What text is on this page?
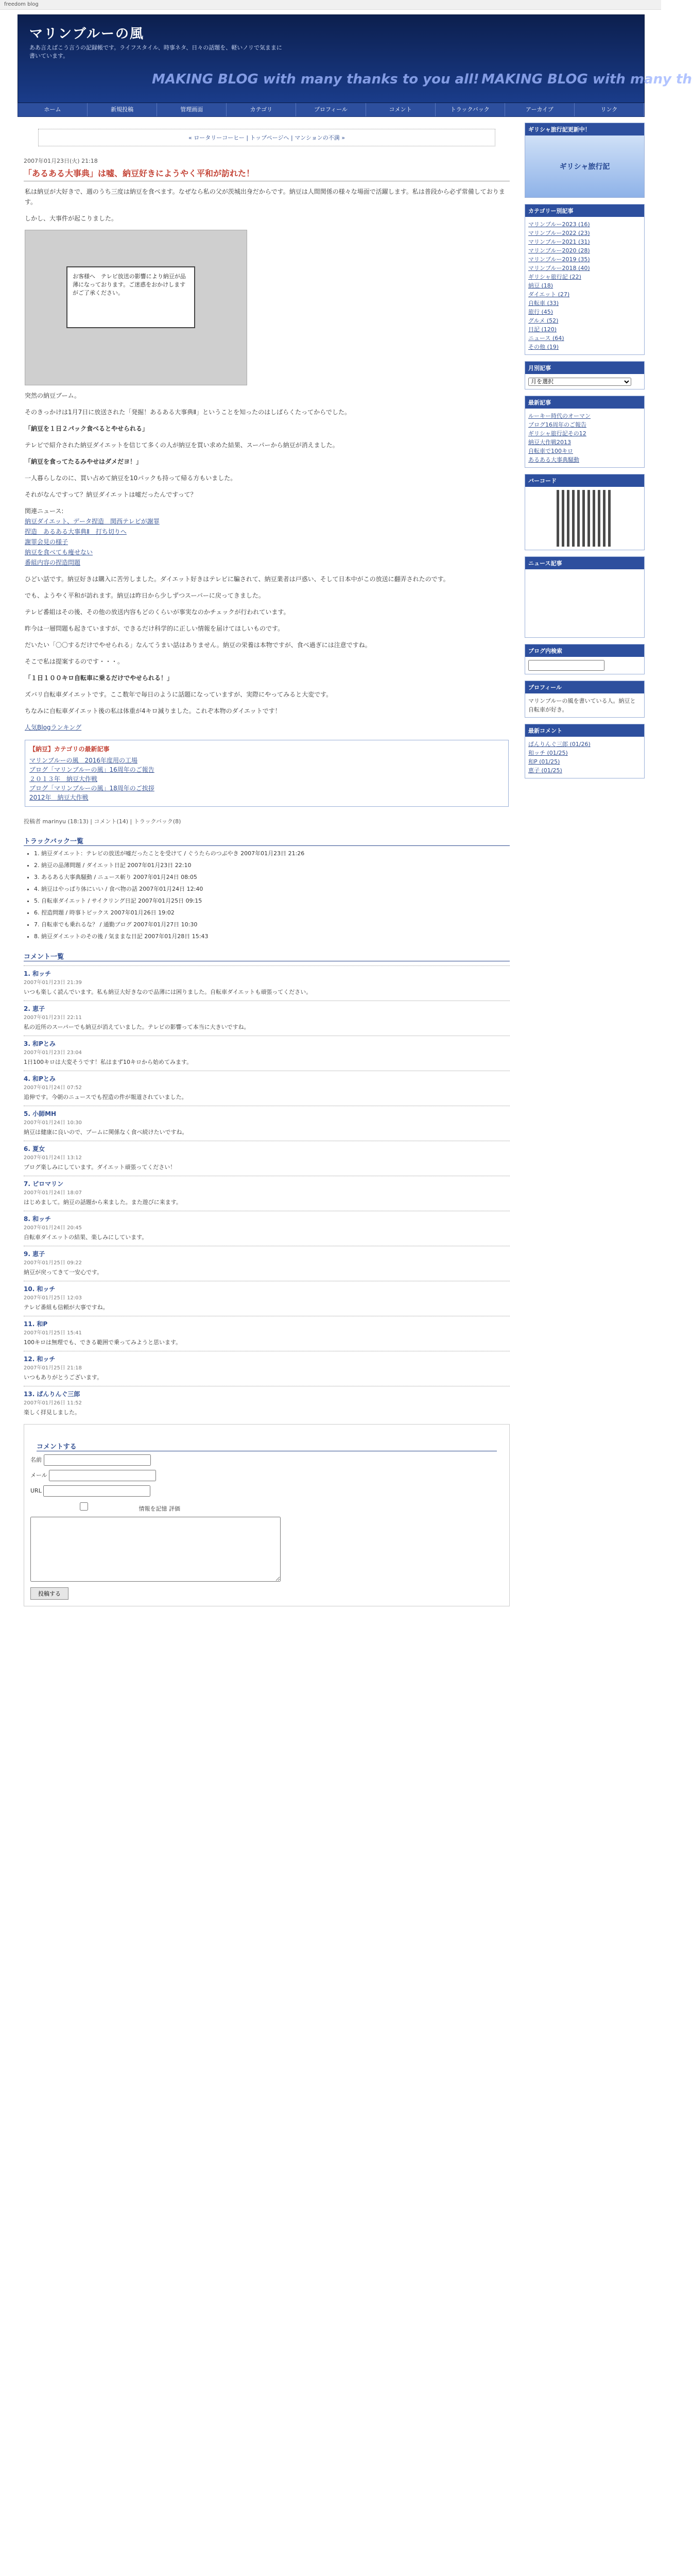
freedom blog
マリンブルーの風
ああ言えばこう言うの記録帳です。ライフスタイル、時事ネタ、日々の話題を、軽いノリで気ままに書いています。
MAKING BLOG with many thanks to you all! MAKING BLOG with many th
ホーム	新規投稿	管理画面	カテゴリ	プロフィール	コメント	トラックバック	アーカイブ	リンク
« ロータリーコーヒー | トップページへ | マンションの不満 »
2007年01月23日(火) 21:18
「あるある大事典」は嘘、納豆好きにようやく平和が訪れた！

私は納豆が大好きで、週のうち三度は納豆を食べます。なぜなら私の父が茨城出身だからです。納豆は人間関係の様々な場面で活躍します。私は普段から必ず常備しております。

しかし、大事件が起こりました。

お客様へ　テレビ放送の影響により納豆が品薄になっております。ご迷惑をおかけしますがご了承ください。

突然の納豆ブーム。

そのきっかけは1月7日に放送された「発掘！あるある大事典Ⅱ」ということを知ったのはしばらくたってからでした。

「納豆を１日２パック食べるとやせられる」

テレビで紹介された納豆ダイエットを信じて多くの人が納豆を買い求めた結果、スーパーから納豆が消えました。

「納豆を食ってたるみやせはダメだヨ！」

一人暮らしなのに、買い占めて納豆を10パックも持って帰る方もいました。

それがなんですって？納豆ダイエットは嘘だったんですって？

関連ニュース:
納豆ダイエット、データ捏造　関西テレビが謝罪
捏造　あるある大事典Ⅱ　打ち切りへ
謝罪会見の様子
納豆を食べても痩せない
番組内容の捏造問題

ひどい話です。納豆好きは購入に苦労しました。ダイエット好きはテレビに騙されて、納豆業者は戸惑い、そして日本中がこの放送に翻弄されたのです。

でも、ようやく平和が訪れます。納豆は昨日から少しずつスーパーに戻ってきました。

テレビ番組はその後、その他の放送内容もどのくらいが事実なのかチェックが行われています。

昨今は一層問題も起きていますが、できるだけ科学的に正しい情報を届けてほしいものです。

だいたい「〇〇するだけでやせられる」なんてうまい話はありません。納豆の栄養は本物ですが、食べ過ぎには注意ですね。

そこで私は提案するのです・・・。

「１日１００キロ自転車に乗るだけでやせられる！」

ズバリ自転車ダイエットです。ここ数年で毎日のように話題になっていますが、実際にやってみると大変です。

ちなみに自転車ダイエット後の私は体重が4キロ減りました。これぞ本物のダイエットです！

人気Blogランキング

【納豆】カテゴリの最新記事
マリンブルーの風　2016年度用の工場
ブログ「マリンブルーの風」16周年のご報告
２０１３年　納豆大作戦
ブログ「マリンブルーの風」18周年のご挨拶
2012年　納豆大作戦
投稿者 marinyu (18:13) | コメント(14) | トラックバック(8)
トラックバック一覧
• 1. 納豆ダイエット：テレビの放送が嘘だったことを受けて / ぐうたらのつぶやき 2007年01月23日 21:26
• 2. 納豆の品薄問題 / ダイエット日記 2007年01月23日 22:10
• 3. あるある大事典騒動 / ニュース斬り 2007年01月24日 08:05
• 4. 納豆はやっぱり体にいい / 食べ物の話 2007年01月24日 12:40
• 5. 自転車ダイエット / サイクリング日記 2007年01月25日 09:15
• 6. 捏造問題 / 時事トピックス 2007年01月26日 19:02
• 7. 自転車でも乗れるな？ / 通勤ブログ 2007年01月27日 10:30
• 8. 納豆ダイエットのその後 / 気ままな日記 2007年01月28日 15:43
コメント一覧
1. 和ッチ
2007年01月23日 21:39
いつも楽しく読んでいます。私も納豆大好きなので品薄には困りました。自転車ダイエットも頑張ってください。
2. 恵子
2007年01月23日 22:11
私の近所のスーパーでも納豆が消えていました。テレビの影響って本当に大きいですね。
3. 和Pとみ
2007年01月23日 23:04
1日100キロは大変そうです！私はまず10キロから始めてみます。
4. 和Pとみ
2007年01月24日 07:52
追伸です。今朝のニュースでも捏造の件が報道されていました。
5. 小師MH
2007年01月24日 10:30
納豆は健康に良いので、ブームに関係なく食べ続けたいですね。
6. 夏女
2007年01月24日 13:12
ブログ楽しみにしています。ダイエット頑張ってください！
7. ピロマリン
2007年01月24日 18:07
はじめまして。納豆の話題から来ました。また遊びに来ます。
8. 和ッチ
2007年01月24日 20:45
自転車ダイエットの結果、楽しみにしています。
9. 恵子
2007年01月25日 09:22
納豆が戻ってきて一安心です。
10. 和ッチ
2007年01月25日 12:03
テレビ番組も信頼が大事ですね。
11. 和P
2007年01月25日 15:41
100キロは無理でも、できる範囲で乗ってみようと思います。
12. 和ッチ
2007年01月25日 21:18
いつもありがとうございます。
13. ぱんりんぐ三郎
2007年01月26日 11:52
楽しく拝見しました。
コメントする
名前
メール
URL
情報を記憶 評価
投稿する
ギリシャ旅行記更新中！
ギリシャ旅行記
カテゴリー別記事
マリンブルー2023 (16)
マリンブルー2022 (23)
マリンブルー2021 (31)
マリンブルー2020 (28)
マリンブルー2019 (35)
マリンブルー2018 (40)
ギリシャ旅行記 (22)
納豆 (18)
ダイエット (27)
自転車 (33)
旅行 (45)
グルメ (52)
日記 (120)
ニュース (64)
その他 (19)
月別記事
月を選択
最新記事
ルーキー時代のオーマン
ブログ16周年のご報告
ギリシャ旅行記その12
納豆大作戦2013
自転車で100キロ
あるある大事典騒動
バーコード
ニュース記事
ブログ内検索
プロフィール
マリンブルーの風を書いている人。納豆と自転車が好き。
最新コメント
ぱんりんぐ三郎 (01/26)
和ッチ (01/25)
和P (01/25)
恵子 (01/25)
